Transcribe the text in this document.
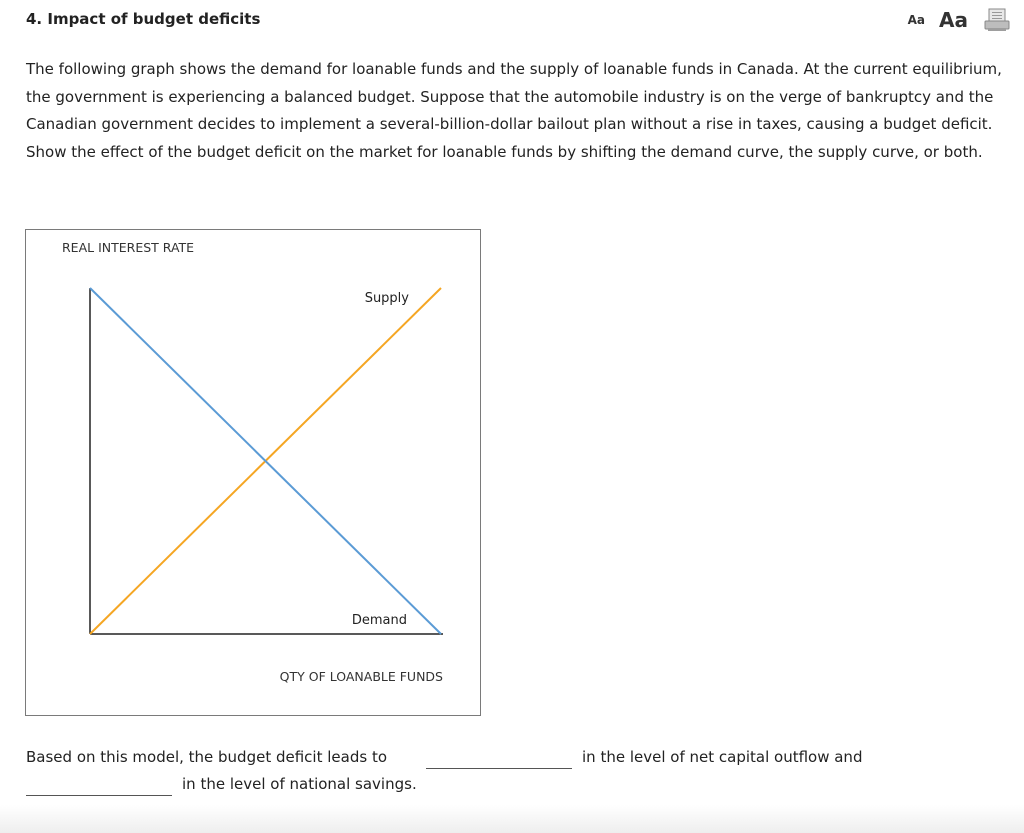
4. Impact of budget deficits	Aa Aa
The following graph shows the demand for loanable funds and the supply of loanable funds in Canada. At the current equilibrium, the government is experiencing a balanced budget. Suppose that the automobile industry is on the verge of bankruptcy and the Canadian government decides to implement a several-billion-dollar bailout plan without a rise in taxes, causing a budget deficit. Show the effect of the budget deficit on the market for loanable funds by shifting the demand curve, the supply curve, or both.
REAL INTEREST RATE
QTY OF LOANABLE FUNDS
Supply
Demand
Based on this model, the budget deficit leads to	in the level of net capital outflow and
in the level of national savings.
